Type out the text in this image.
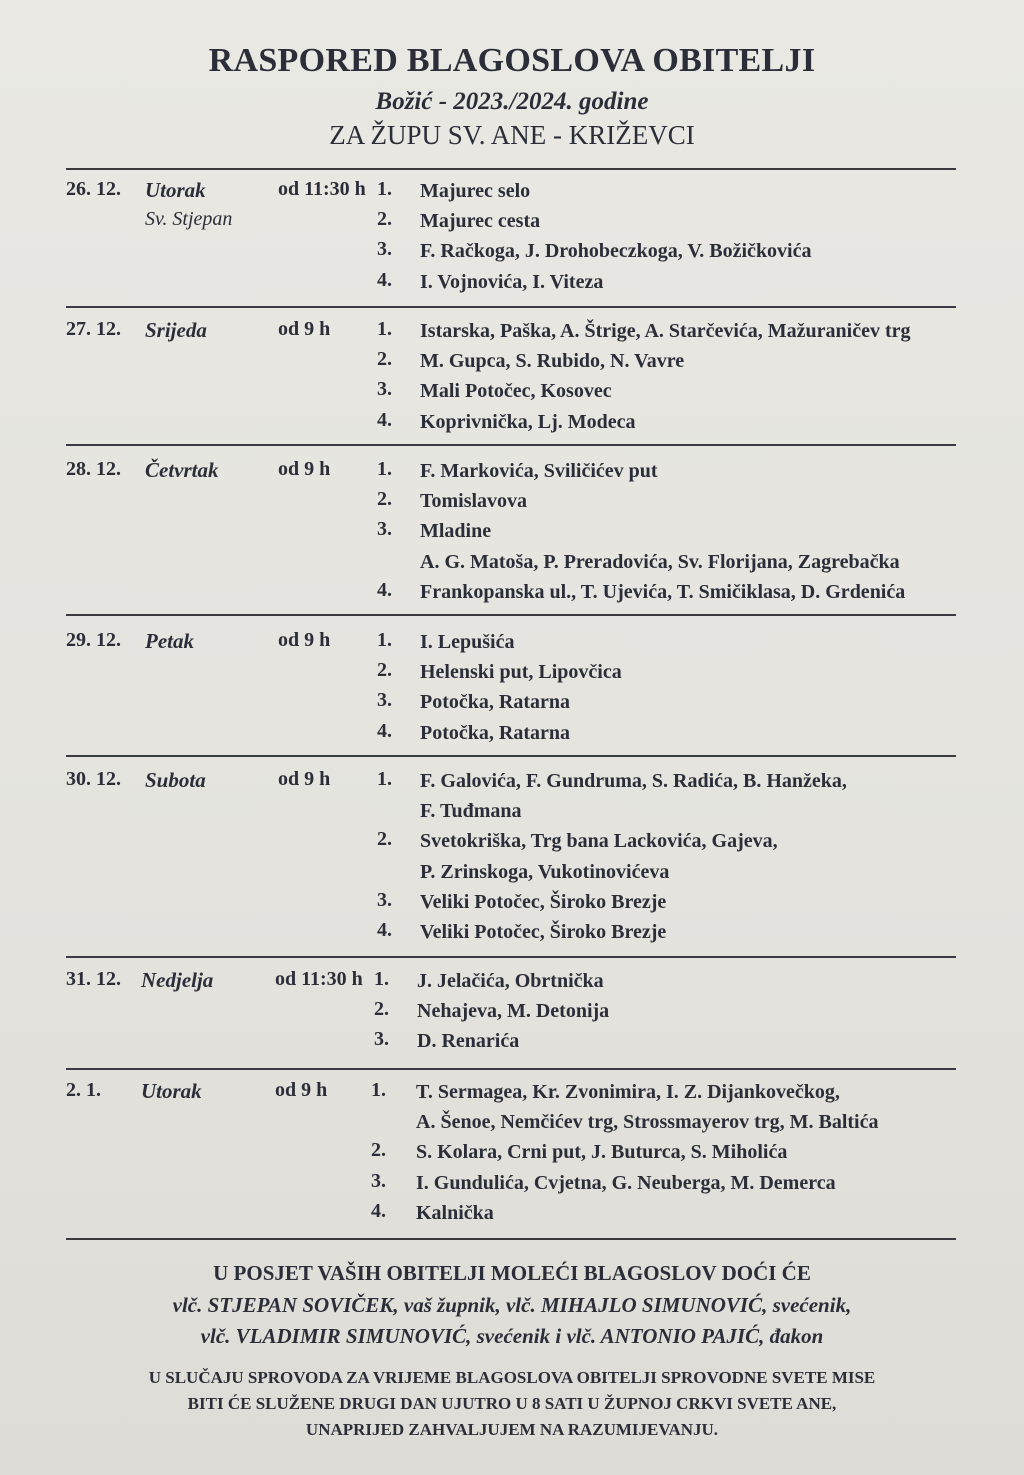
RASPORED BLAGOSLOVA OBITELJI
Božić - 2023./2024. godine
ZA ŽUPU SV. ANE - KRIŽEVCI
26. 12. Utorak
Sv. Stjepan
od 11:30 h 1. Majurec selo
2. Majurec cesta
3. F. Račkoga, J. Drohobeczkoga, V. Božičkovića
4. I. Vojnovića, I. Viteza
27. 12. Srijeda	od 9 h	1. Istarska, Paška, A. Štrige, A. Starčevića, Mažuraničev trg
2. M. Gupca, S. Rubido, N. Vavre
3. Mali Potočec, Kosovec
4. Koprivnička, Lj. Modeca
28. 12. Četvrtak	od 9 h	1. F. Markovića, Sviličićev put
2. Tomislavova
3. Mladine
A. G. Matoša, P. Preradovića, Sv. Florijana, Zagrebačka
4. Frankopanska ul., T. Ujevića, T. Smičiklasa, D. Grdenića
29. 12. Petak	od 9 h	1. I. Lepušića
2. Helenski put, Lipovčica
3. Potočka, Ratarna
4. Potočka, Ratarna
30. 12. Subota	od 9 h	1. F. Galovića, F. Gundruma, S. Radića, B. Hanžeka,
F. Tuđmana
2. Svetokriška, Trg bana Lackovića, Gajeva,
P. Zrinskoga, Vukotinovićeva
3. Veliki Potočec, Široko Brezje
4. Veliki Potočec, Široko Brezje
31. 12. Nedjelja	od 11:30 h 1. J. Jelačića, Obrtnička
2. Nehajeva, M. Detonija
3. D. Renarića
2. 1. Utorak	od 9 h	1. T. Sermagea, Kr. Zvonimira, I. Z. Dijankovečkog,
A. Šenoe, Nemčićev trg, Strossmayerov trg, M. Baltića
2. S. Kolara, Crni put, J. Buturca, S. Miholića
3. I. Gundulića, Cvjetna, G. Neuberga, M. Demerca
4. Kalnička
U POSJET VAŠIH OBITELJI MOLEĆI BLAGOSLOV DOĆI ĆE
vlč. STJEPAN SOVIČEK, vaš župnik, vlč. MIHAJLO SIMUNOVIĆ, svećenik,
vlč. VLADIMIR SIMUNOVIĆ, svećenik i vlč. ANTONIO PAJIĆ, đakon
U SLUČAJU SPROVODA ZA VRIJEME BLAGOSLOVA OBITELJI SPROVODNE SVETE MISE
BITI ĆE SLUŽENE DRUGI DAN UJUTRO U 8 SATI U ŽUPNOJ CRKVI SVETE ANE,
UNAPRIJED ZAHVALJUJEM NA RAZUMIJEVANJU.
